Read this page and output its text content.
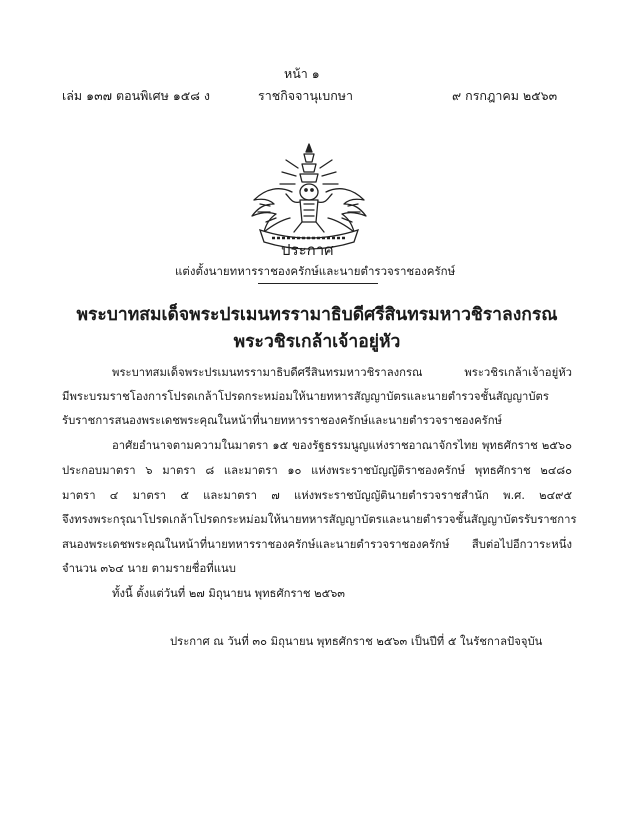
หน้า ๑
เล่ม ๑๓๗ ตอนพิเศษ ๑๕๘ ง	ราชกิจจานุเบกษา	๙ กรกฎาคม ๒๕๖๓
ประกาศ
แต่งตั้งนายทหารราชองครักษ์และนายตำรวจราชองครักษ์
พระบาทสมเด็จพระปรเมนทรรามาธิบดีศรีสินทรมหาวชิราลงกรณ
พระวชิรเกล้าเจ้าอยู่หัว
พระบาทสมเด็จพระปรเมนทรรามาธิบดีศรีสินทรมหาวชิราลงกรณ พระวชิรเกล้าเจ้าอยู่หัว
มีพระบรมราชโองการโปรดเกล้าโปรดกระหม่อมให้นายทหารสัญญาบัตรและนายตำรวจชั้นสัญญาบัตร
รับราชการสนองพระเดชพระคุณในหน้าที่นายทหารราชองครักษ์และนายตำรวจราชองครักษ์
อาศัยอำนาจตามความในมาตรา ๑๕ ของรัฐธรรมนูญแห่งราชอาณาจักรไทย พุทธศักราช ๒๕๖๐
ประกอบมาตรา ๖ มาตรา ๘ และมาตรา ๑๐ แห่งพระราชบัญญัติราชองครักษ์ พุทธศักราช ๒๔๘๐
มาตรา ๔ มาตรา ๕ และมาตรา ๗ แห่งพระราชบัญญัตินายตำรวจราชสำนัก พ.ศ. ๒๔๙๕
จึงทรงพระกรุณาโปรดเกล้าโปรดกระหม่อมให้นายทหารสัญญาบัตรและนายตำรวจชั้นสัญญาบัตรรับราชการ
สนองพระเดชพระคุณในหน้าที่นายทหารราชองครักษ์และนายตำรวจราชองครักษ์ สืบต่อไปอีกวาระหนึ่ง
จำนวน ๓๖๔ นาย ตามรายชื่อที่แนบ
ทั้งนี้ ตั้งแต่วันที่ ๒๗ มิถุนายน พุทธศักราช ๒๕๖๓
ประกาศ ณ วันที่ ๓๐ มิถุนายน พุทธศักราช ๒๕๖๓ เป็นปีที่ ๕ ในรัชกาลปัจจุบัน
